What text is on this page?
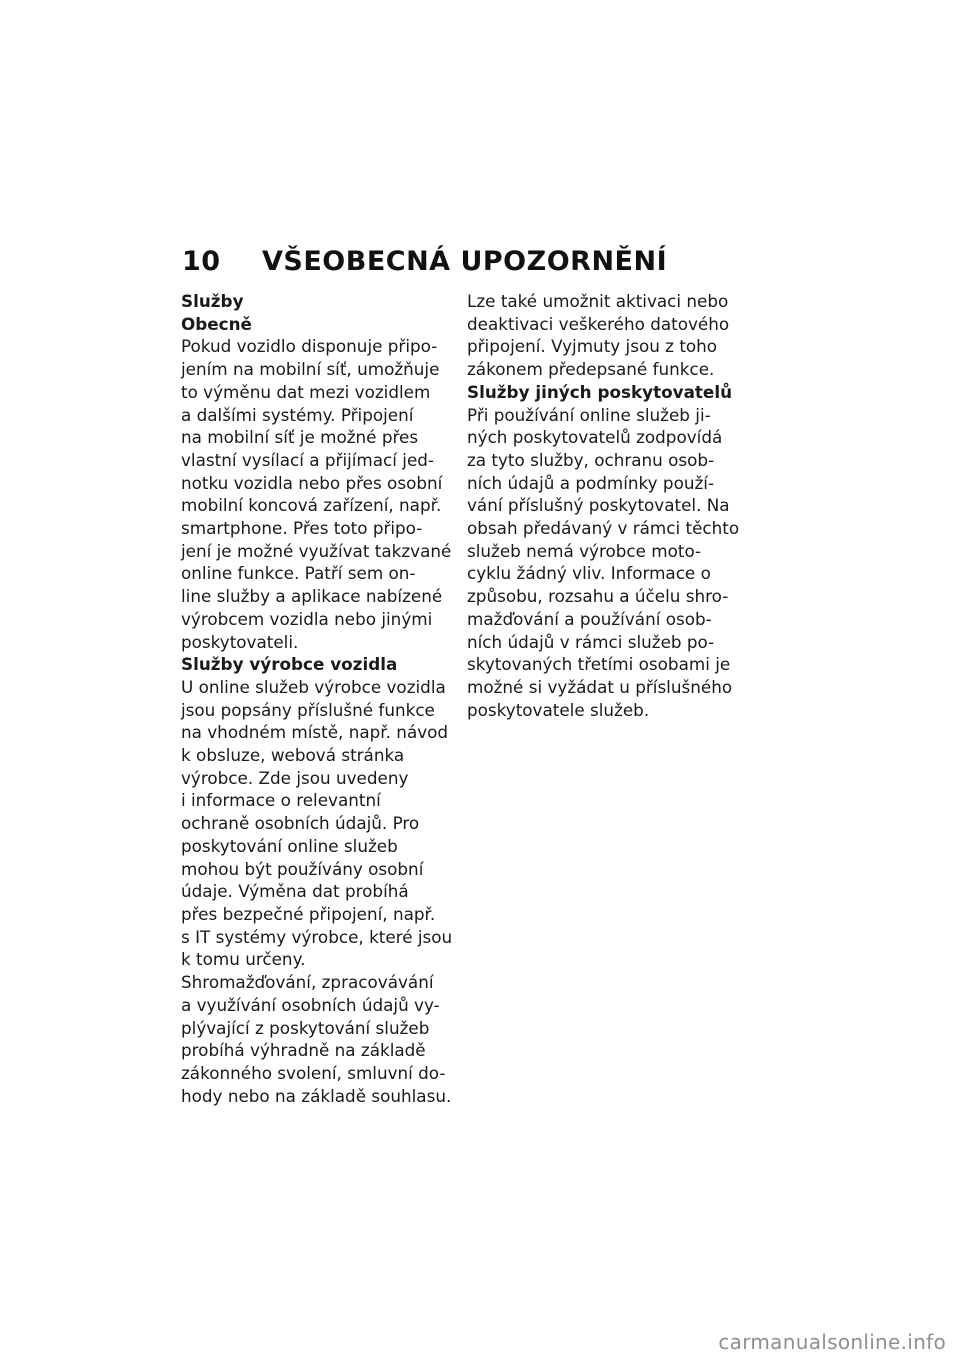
10	VŠEOBECNÁ UPOZORNĚNÍ

Služby

Obecně

Pokud vozidlo disponuje připo-

jením na mobilní síť, umožňuje

to výměnu dat mezi vozidlem

a dalšími systémy. Připojení

na mobilní síť je možné přes

vlastní vysílací a přijímací jed-

notku vozidla nebo přes osobní

mobilní koncová zařízení, např.

smartphone. Přes toto připo-

jení je možné využívat takzvané

online funkce. Patří sem on-

line služby a aplikace nabízené

výrobcem vozidla nebo jinými

poskytovateli.

Služby výrobce vozidla

U online služeb výrobce vozidla

jsou popsány příslušné funkce

na vhodném místě, např. návod

k obsluze, webová stránka

výrobce. Zde jsou uvedeny

i informace o relevantní

ochraně osobních údajů. Pro

poskytování online služeb

mohou být používány osobní

údaje. Výměna dat probíhá

přes bezpečné připojení, např.

s IT systémy výrobce, které jsou

k tomu určeny.

Shromažďování, zpracovávání

a využívání osobních údajů vy-

plývající z poskytování služeb

probíhá výhradně na základě

zákonného svolení, smluvní do-

hody nebo na základě souhlasu.

Lze také umožnit aktivaci nebo

deaktivaci veškerého datového

připojení. Vyjmuty jsou z toho

zákonem předepsané funkce.

Služby jiných poskytovatelů

Při používání online služeb ji-

ných poskytovatelů zodpovídá

za tyto služby, ochranu osob-

ních údajů a podmínky použí-

vání příslušný poskytovatel. Na

obsah předávaný v rámci těchto

služeb nemá výrobce moto-

cyklu žádný vliv. Informace o

způsobu, rozsahu a účelu shro-

mažďování a používání osob-

ních údajů v rámci služeb po-

skytovaných třetími osobami je

možné si vyžádat u příslušného

poskytovatele služeb.

carmanualsonline.info
